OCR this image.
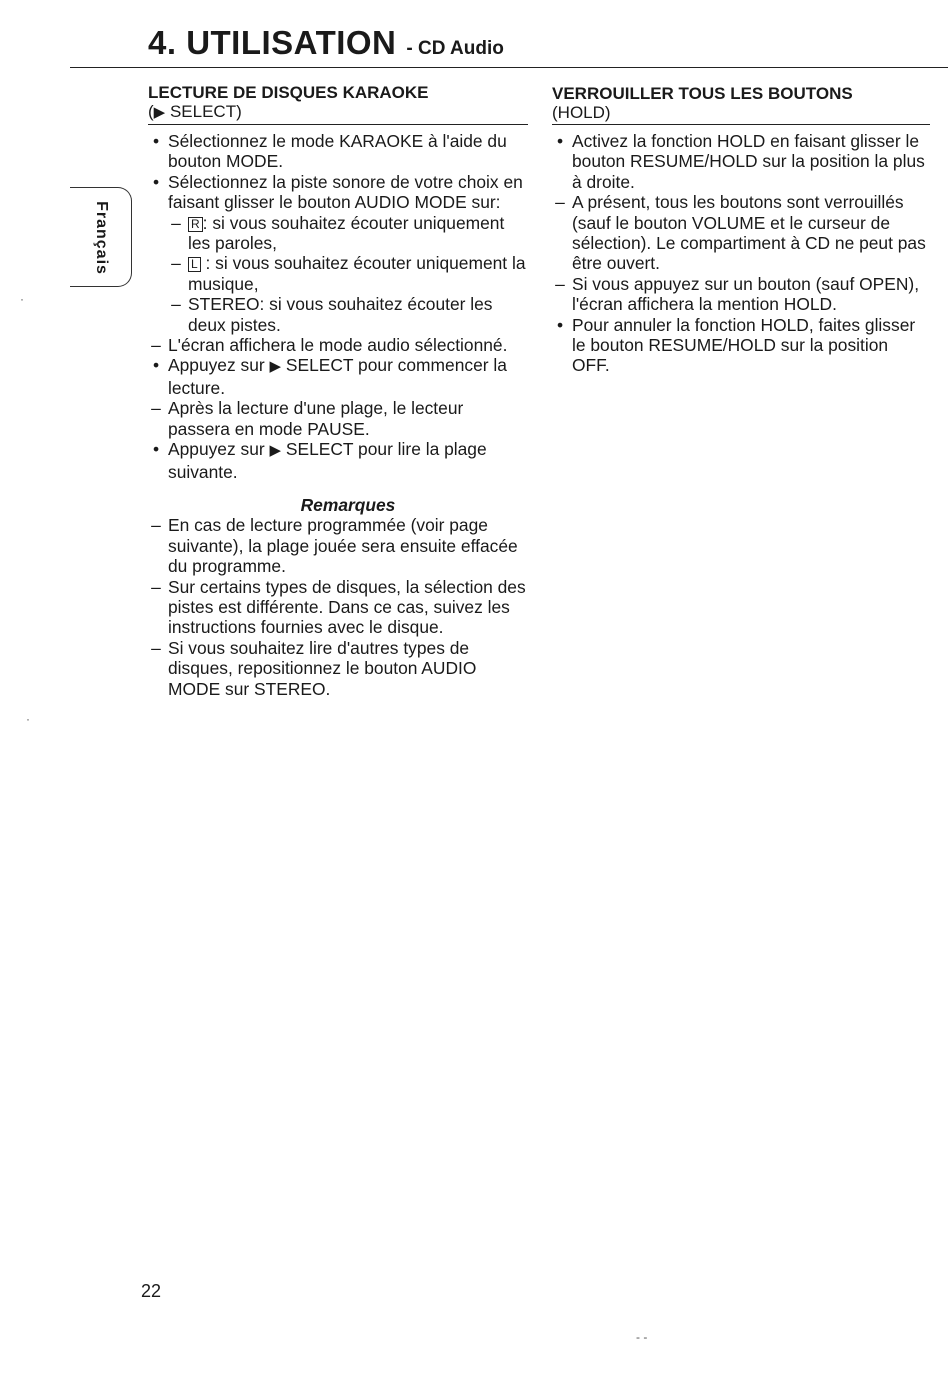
4. UTILISATION - CD Audio
Français
LECTURE DE DISQUES KARAOKE
(▶ SELECT)
• Sélectionnez le mode KARAOKE à l'aide du bouton MODE.
• Sélectionnez la piste sonore de votre choix en faisant glisser le bouton AUDIO MODE sur:
– R : si vous souhaitez écouter uniquement les paroles,
– L : si vous souhaitez écouter uniquement la musique,
– STEREO: si vous souhaitez écouter les deux pistes.
– L'écran affichera le mode audio sélectionné.
• Appuyez sur ▶ SELECT pour commencer la lecture.
– Après la lecture d'une plage, le lecteur passera en mode PAUSE.
• Appuyez sur ▶ SELECT pour lire la plage suivante.
Remarques
– En cas de lecture programmée (voir page suivante), la plage jouée sera ensuite effacée du programme.
– Sur certains types de disques, la sélection des pistes est différente. Dans ce cas, suivez les instructions fournies avec le disque.
– Si vous souhaitez lire d'autres types de disques, repositionnez le bouton AUDIO MODE sur STEREO.
VERROUILLER TOUS LES BOUTONS
(HOLD)
• Activez la fonction HOLD en faisant glisser le bouton RESUME/HOLD sur la position la plus à droite.
– A présent, tous les boutons sont verrouillés (sauf le bouton VOLUME et le curseur de sélection). Le compartiment à CD ne peut pas être ouvert.
– Si vous appuyez sur un bouton (sauf OPEN), l'écran affichera la mention HOLD.
• Pour annuler la fonction HOLD, faites glisser le bouton RESUME/HOLD sur la position OFF.
22
·
·
‐ ‐
